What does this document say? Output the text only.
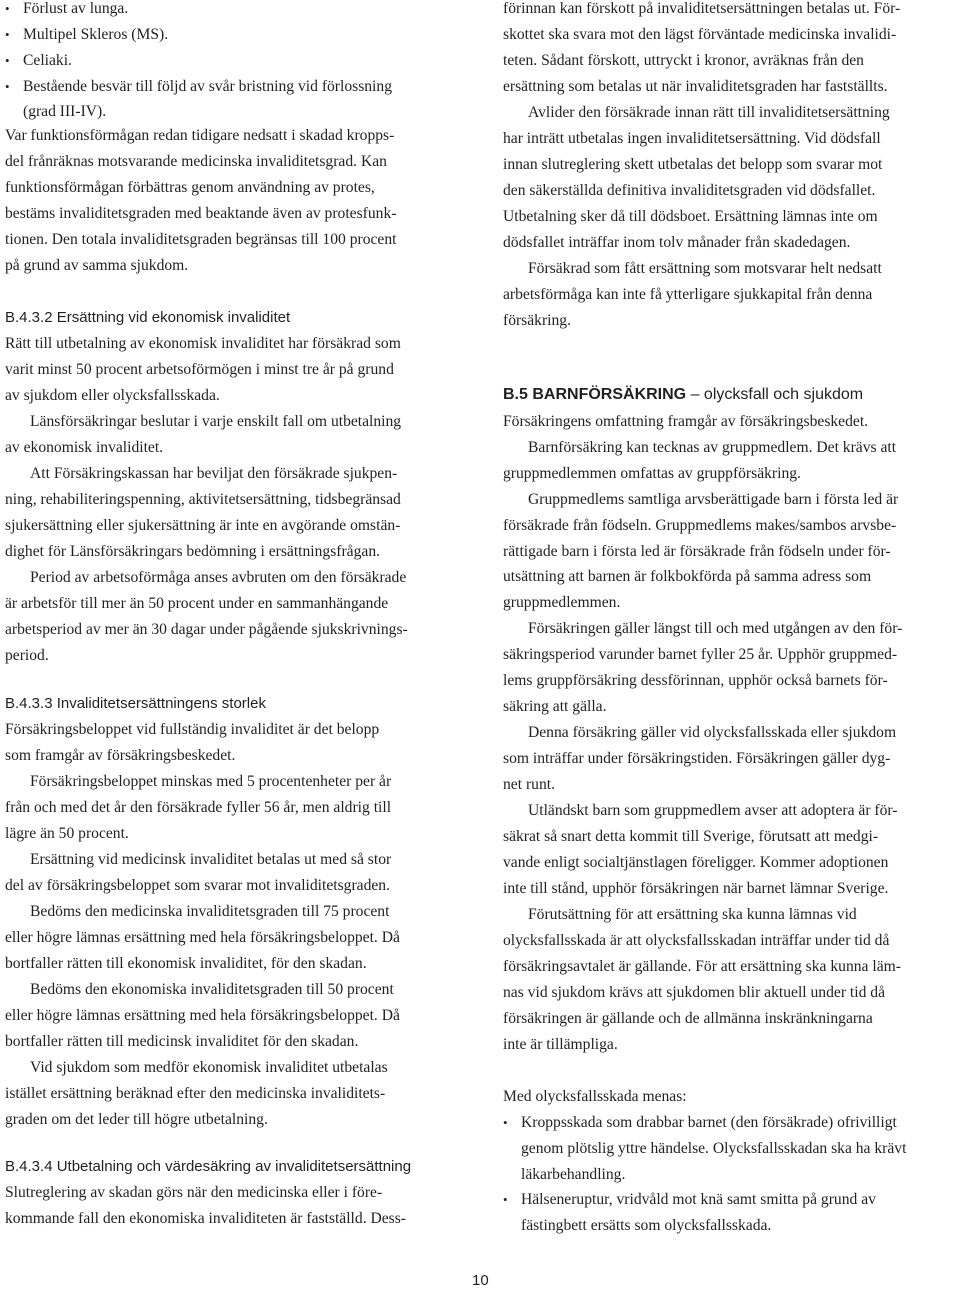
• Förlust av lunga.
• Multipel Skleros (MS).
• Celiaki.
• Bestående besvär till följd av svår bristning vid förlossning
(grad III-IV).
Var funktionsförmågan redan tidigare nedsatt i skadad kropps-
del frånräknas motsvarande medicinska invaliditetsgrad. Kan
funktionsförmågan förbättras genom användning av protes,
bestäms invaliditetsgraden med beaktande även av protesfunk-
tionen. Den totala invaliditetsgraden begränsas till 100 procent
på grund av samma sjukdom.
B.4.3.2 Ersättning vid ekonomisk invaliditet
Rätt till utbetalning av ekonomisk invaliditet har försäkrad som
varit minst 50 procent arbetsoförmögen i minst tre år på grund
av sjukdom eller olycksfallsskada.
Länsförsäkringar beslutar i varje enskilt fall om utbetalning
av ekonomisk invaliditet.
Att Försäkringskassan har beviljat den försäkrade sjukpen-
ning, rehabiliteringspenning, aktivitetsersättning, tidsbegränsad
sjukersättning eller sjukersättning är inte en avgörande omstän-
dighet för Länsförsäkringars bedömning i ersättningsfrågan.
Period av arbetsoförmåga anses avbruten om den försäkrade
är arbetsför till mer än 50 procent under en sammanhängande
arbetsperiod av mer än 30 dagar under pågående sjukskrivnings-
period.
B.4.3.3 Invaliditetsersättningens storlek
Försäkringsbeloppet vid fullständig invaliditet är det belopp
som framgår av försäkringsbeskedet.
Försäkringsbeloppet minskas med 5 procentenheter per år
från och med det år den försäkrade fyller 56 år, men aldrig till
lägre än 50 procent.
Ersättning vid medicinsk invaliditet betalas ut med så stor
del av försäkringsbeloppet som svarar mot invaliditetsgraden.
Bedöms den medicinska invaliditetsgraden till 75 procent
eller högre lämnas ersättning med hela försäkringsbeloppet. Då
bortfaller rätten till ekonomisk invaliditet, för den skadan.
Bedöms den ekonomiska invaliditetsgraden till 50 procent
eller högre lämnas ersättning med hela försäkringsbeloppet. Då
bortfaller rätten till medicinsk invaliditet för den skadan.
Vid sjukdom som medför ekonomisk invaliditet utbetalas
istället ersättning beräknad efter den medicinska invaliditets-
graden om det leder till högre utbetalning.
B.4.3.4 Utbetalning och värdesäkring av invaliditetsersättning
Slutreglering av skadan görs när den medicinska eller i före-
kommande fall den ekonomiska invaliditeten är fastställd. Dess-
förinnan kan förskott på invaliditetsersättningen betalas ut. För-
skottet ska svara mot den lägst förväntade medicinska invalidi-
teten. Sådant förskott, uttryckt i kronor, avräknas från den
ersättning som betalas ut när invaliditetsgraden har fastställts.
Avlider den försäkrade innan rätt till invaliditetsersättning
har inträtt utbetalas ingen invaliditetsersättning. Vid dödsfall
innan slutreglering skett utbetalas det belopp som svarar mot
den säkerställda definitiva invaliditetsgraden vid dödsfallet.
Utbetalning sker då till dödsboet. Ersättning lämnas inte om
dödsfallet inträffar inom tolv månader från skadedagen.
Försäkrad som fått ersättning som motsvarar helt nedsatt
arbetsförmåga kan inte få ytterligare sjukkapital från denna
försäkring.
B.5 BARNFÖRSÄKRING – olycksfall och sjukdom
Försäkringens omfattning framgår av försäkringsbeskedet.
Barnförsäkring kan tecknas av gruppmedlem. Det krävs att
gruppmedlemmen omfattas av gruppförsäkring.
Gruppmedlems samtliga arvsberättigade barn i första led är
försäkrade från födseln. Gruppmedlems makes/sambos arvsbe-
rättigade barn i första led är försäkrade från födseln under för-
utsättning att barnen är folkbokförda på samma adress som
gruppmedlemmen.
Försäkringen gäller längst till och med utgången av den för-
säkringsperiod varunder barnet fyller 25 år. Upphör gruppmed-
lems gruppförsäkring dessförinnan, upphör också barnets för-
säkring att gälla.
Denna försäkring gäller vid olycksfallsskada eller sjukdom
som inträffar under försäkringstiden. Försäkringen gäller dyg-
net runt.
Utländskt barn som gruppmedlem avser att adoptera är för-
säkrat så snart detta kommit till Sverige, förutsatt att medgi-
vande enligt socialtjänstlagen föreligger. Kommer adoptionen
inte till stånd, upphör försäkringen när barnet lämnar Sverige.
Förutsättning för att ersättning ska kunna lämnas vid
olycksfallsskada är att olycksfallsskadan inträffar under tid då
försäkringsavtalet är gällande. För att ersättning ska kunna läm-
nas vid sjukdom krävs att sjukdomen blir aktuell under tid då
försäkringen är gällande och de allmänna inskränkningarna
inte är tillämpliga.
Med olycksfallsskada menas:
• Kroppsskada som drabbar barnet (den försäkrade) ofrivilligt
genom plötslig yttre händelse. Olycksfallsskadan ska ha krävt
läkarbehandling.
• Hälseneruptur, vridvåld mot knä samt smitta på grund av
fästingbett ersätts som olycksfallsskada.
10
